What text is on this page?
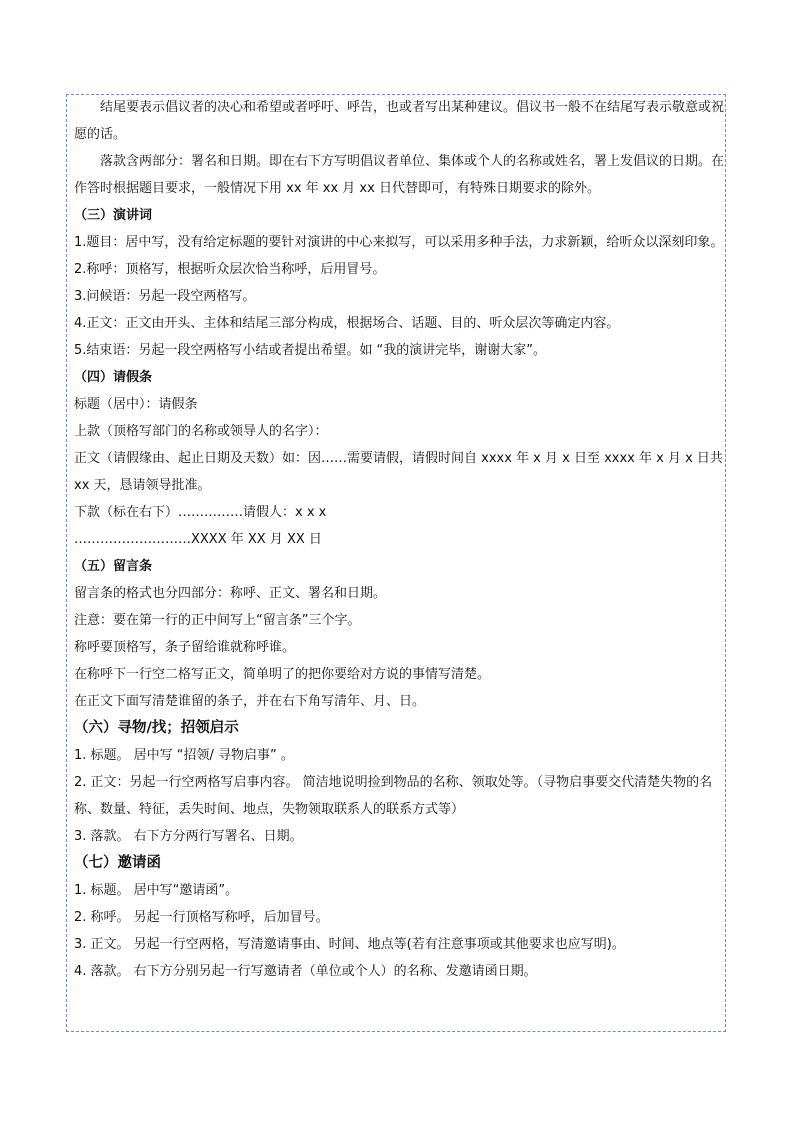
结尾要表示倡议者的决心和希望或者呼吁、呼告，也或者写出某种建议。倡议书一般不在结尾写表示敬意或祝愿的话。

落款含两部分：署名和日期。即在右下方写明倡议者单位、集体或个人的名称或姓名，署上发倡议的日期。在作答时根据题目要求，一般情况下用 xx 年 xx 月 xx 日代替即可，有特殊日期要求的除外。

（三）演讲词

1.题目：居中写，没有给定标题的要针对演讲的中心来拟写，可以采用多种手法，力求新颖，给听众以深刻印象。

2.称呼：顶格写，根据听众层次恰当称呼，后用冒号。

3.问候语：另起一段空两格写。

4.正文：正文由开头、主体和结尾三部分构成，根据场合、话题、目的、听众层次等确定内容。

5.结束语：另起一段空两格写小结或者提出希望。如 “我的演讲完毕，谢谢大家”。

（四）请假条

标题（居中）：请假条

上款（顶格写部门的名称或领导人的名字）：

正文（请假缘由、起止日期及天数）如：因……需要请假，请假时间自 xxxx 年 x 月 x 日至 xxxx 年 x 月 x 日共 xx 天，恳请领导批准。

下款（标在右下）……………请假人：x x x

………………………XXXX 年 XX 月 XX 日

（五）留言条

留言条的格式也分四部分：称呼、正文、署名和日期。

注意：要在第一行的正中间写上“留言条”三个字。

称呼要顶格写，条子留给谁就称呼谁。

在称呼下一行空二格写正文，简单明了的把你要给对方说的事情写清楚。

在正文下面写清楚谁留的条子，并在右下角写清年、月、日。

（六）寻物/找；招领启示

1. 标题。 居中写 “招领/ 寻物启事” 。

2. 正文：另起一行空两格写启事内容。 简洁地说明捡到物品的名称、领取处等。（寻物启事要交代清楚失物的名称、数量、特征，丢失时间、地点，失物领取联系人的联系方式等）

3. 落款。 右下方分两行写署名、日期。

（七）邀请函

1. 标题。 居中写“邀请函”。

2. 称呼。 另起一行顶格写称呼，后加冒号。

3. 正文。 另起一行空两格，写清邀请事由、时间、地点等(若有注意事项或其他要求也应写明)。

4. 落款。 右下方分别另起一行写邀请者（单位或个人）的名称、发邀请函日期。
